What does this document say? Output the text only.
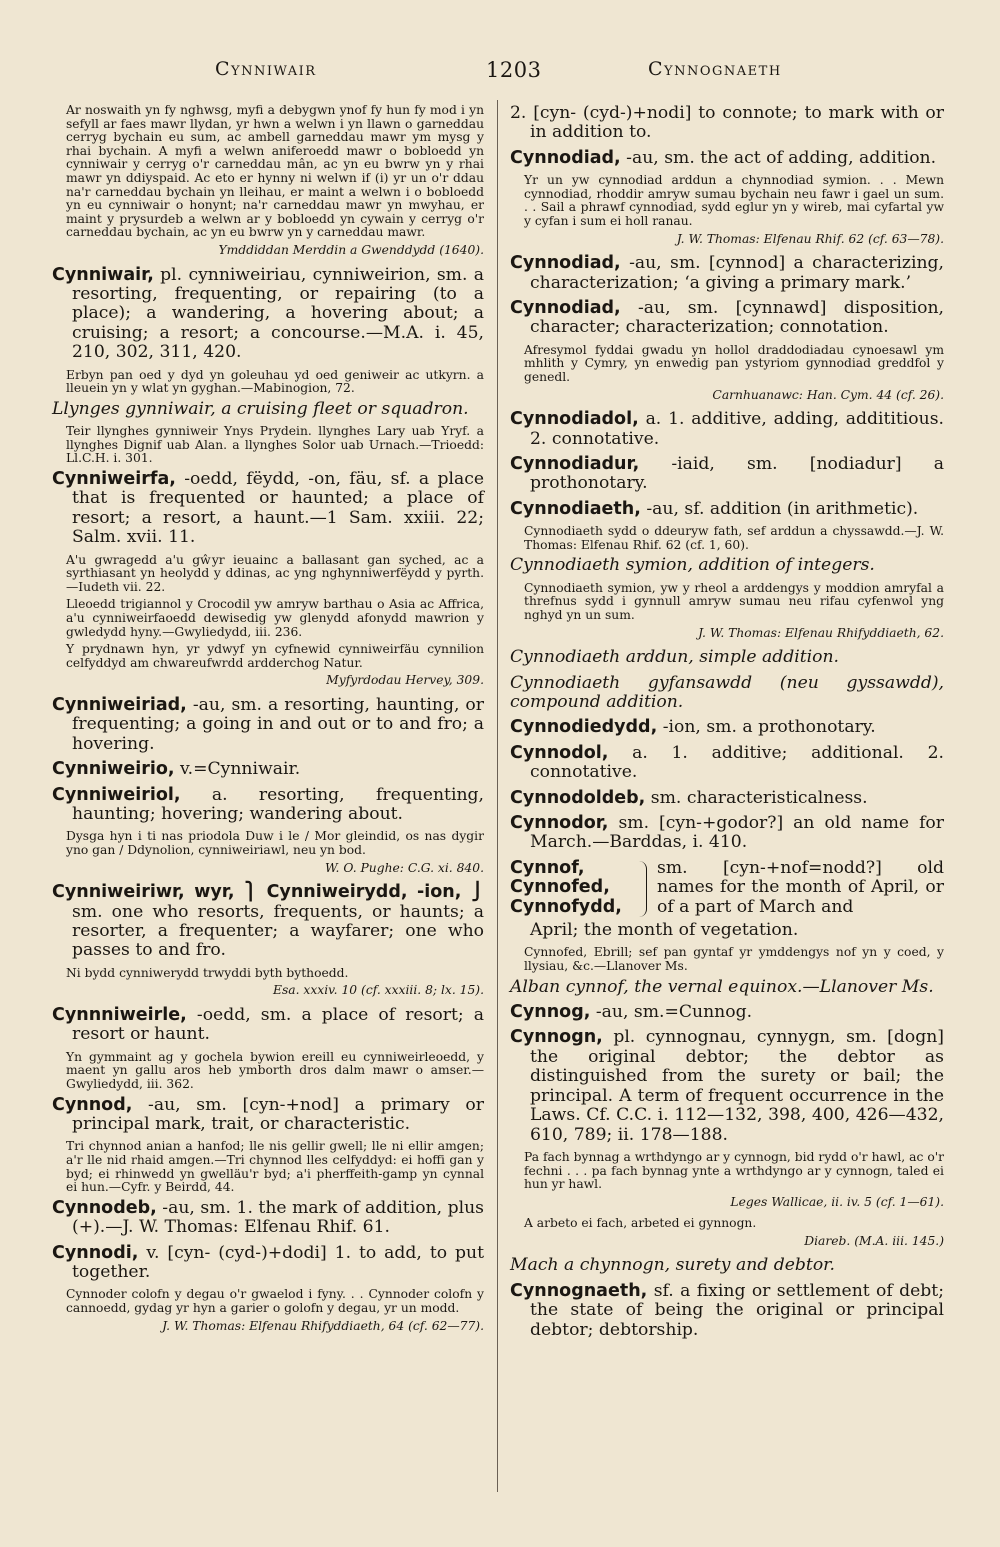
Cynniwair	1203	Cynnognaeth

Ar noswaith yn fy nghwsg, myfi a debygwn ynof fy hun fy mod i yn sefyll ar faes mawr llydan, yr hwn a welwn i yn llawn o garneddau cerryg bychain eu sum, ac ambell garneddau mawr ym mysg y rhai bychain. A myfi a welwn aniferoedd mawr o bobloedd yn cynniwair y cerryg o'r carneddau mân, ac yn eu bwrw yn y rhai mawr yn ddiyspaid. Ac eto er hynny ni welwn if (i) yr un o'r ddau na'r carneddau bychain yn lleihau, er maint a welwn i o bobloedd yn eu cynniwair o honynt; na'r carneddau mawr yn mwyhau, er maint y prysurdeb a welwn ar y bobloedd yn cywain y cerryg o'r carneddau bychain, ac yn eu bwrw yn y carneddau mawr.

Ymddiddan Merddin a Gwenddydd (1640).

Cynniwair, pl. cynniweiriau, cynniweirion, sm. a resorting, frequenting, or repairing (to a place); a wandering, a hovering about; a cruising; a resort; a concourse.—M.A. i. 45, 210, 302, 311, 420.

Erbyn pan oed y dyd yn goleuhau yd oed geniweir ac utkyrn. a lleuein yn y wlat yn gyghan.—Mabinogion, 72.

Llynges gynniwair, a cruising fleet or squadron.

Teir llynghes gynniweir Ynys Prydein. llynghes Lary uab Yryf. a llynghes Dignif uab Alan. a llynghes Solor uab Urnach.—Trioedd: Ll.C.H. i. 301.

Cynniweirfa, -oedd, fëydd, -on, fäu, sf. a place that is frequented or haunted; a place of resort; a resort, a haunt.—1 Sam. xxiii. 22; Salm. xvii. 11.

A'u gwragedd a'u gŵyr ieuainc a ballasant gan syched, ac a syrthiasant yn heolydd y ddinas, ac yng nghynniwerfëydd y pyrth.—Iudeth vii. 22.

Lleoedd trigiannol y Crocodil yw amryw barthau o Asia ac Affrica, a'u cynniweirfaoedd dewisedig yw glenydd afonydd mawrion y gwledydd hyny.—Gwyliedydd, iii. 236.

Y prydnawn hyn, yr ydwyf yn cyfnewid cynniweirfäu cynnilion celfyddyd am chwareufwrdd ardderchog Natur.

Myfyrdodau Hervey, 309.

Cynniweiriad, -au, sm. a resorting, haunting, or frequenting; a going in and out or to and fro; a hovering.

Cynniweirio, v.=Cynniwair.

Cynniweiriol, a. resorting, frequenting, haunting; hovering; wandering about.

Dysga hyn i ti nas priodola Duw i le / Mor gleindid, os nas dygir yno gan / Ddynolion, cynniweiriawl, neu yn bod.

W. O. Pughe: C.G. xi. 840.

Cynniweiriwr, wyr, ⎫ Cynniweirydd, -ion, ⎭ sm. one who resorts, frequents, or haunts; a resorter, a frequenter; a wayfarer; one who passes to and fro.

Ni bydd cynniwerydd trwyddi byth bythoedd.

Esa. xxxiv. 10 (cf. xxxiii. 8; lx. 15).

Cynnniweirle, -oedd, sm. a place of resort; a resort or haunt.

Yn gymmaint ag y gochela bywion ereill eu cynniweirleoedd, y maent yn gallu aros heb ymborth dros dalm mawr o amser.—Gwyliedydd, iii. 362.

Cynnod, -au, sm. [cyn-+nod] a primary or principal mark, trait, or characteristic.

Tri chynnod anian a hanfod; lle nis gellir gwell; lle ni ellir amgen; a'r lle nid rhaid amgen.—Tri chynnod lles celfyddyd: ei hoffi gan y byd; ei rhinwedd yn gwelläu'r byd; a'i pherffeith-gamp yn cynnal ei hun.—Cyfr. y Beirdd, 44.

Cynnodeb, -au, sm. 1. the mark of addition, plus (+).—J. W. Thomas: Elfenau Rhif. 61.

Cynnodi, v. [cyn- (cyd-)+dodi] 1. to add, to put together.

Cynnoder colofn y degau o'r gwaelod i fyny. . . Cynnoder colofn y cannoedd, gydag yr hyn a garier o golofn y degau, yr un modd.

J. W. Thomas: Elfenau Rhifyddiaeth, 64 (cf. 62—77).

2. [cyn- (cyd-)+nodi] to connote; to mark with or in addition to.

Cynnodiad, -au, sm. the act of adding, addition.

Yr un yw cynnodiad arddun a chynnodiad symion. . . Mewn cynnodiad, rhoddir amryw sumau bychain neu fawr i gael un sum. . . Sail a phrawf cynnodiad, sydd eglur yn y wireb, mai cyfartal yw y cyfan i sum ei holl ranau.

J. W. Thomas: Elfenau Rhif. 62 (cf. 63—78).

Cynnodiad, -au, sm. [cynnod] a characterizing, characterization; ‘a giving a primary mark.’

Cynnodiad, -au, sm. [cynnawd] disposition, character; characterization; connotation.

Afresymol fyddai gwadu yn hollol draddodiadau cynoesawl ym mhlith y Cymry, yn enwedig pan ystyriom gynnodiad greddfol y genedl.

Carnhuanawc: Han. Cym. 44 (cf. 26).

Cynnodiadol, a. 1. additive, adding, addititious. 2. connotative.

Cynnodiadur, -iaid, sm. [nodiadur] a prothonotary.

Cynnodiaeth, -au, sf. addition (in arithmetic).

Cynnodiaeth sydd o ddeuryw fath, sef arddun a chyssawdd.—J. W. Thomas: Elfenau Rhif. 62 (cf. 1, 60).

Cynnodiaeth symion, addition of integers.

Cynnodiaeth symion, yw y rheol a arddengys y moddion amryfal a threfnus sydd i gynnull amryw sumau neu rifau cyfenwol yng nghyd yn un sum.

J. W. Thomas: Elfenau Rhifyddiaeth, 62.

Cynnodiaeth arddun, simple addition.

Cynnodiaeth gyfansawdd (neu gyssawdd), compound addition.

Cynnodiedydd, -ion, sm. a prothonotary.

Cynnodol, a. 1. additive; additional. 2. connotative.

Cynnodoldeb, sm. characteristicalness.

Cynnodor, sm. [cyn-+godor?] an old name for March.—Barddas, i. 410.

Cynnof,
Cynnofed,
Cynnofydd,
sm. [cyn-+nof=nodd?] old names for the month of April, or of a part of March and

April; the month of vegetation.

Cynnofed, Ebrill; sef pan gyntaf yr ymddengys nof yn y coed, y llysiau, &c.—Llanover Ms.

Alban cynnof, the vernal equinox.—Llanover Ms.

Cynnog, -au, sm.=Cunnog.

Cynnogn, pl. cynnognau, cynnygn, sm. [dogn] the original debtor; the debtor as distinguished from the surety or bail; the principal. A term of frequent occurrence in the Laws. Cf. C.C. i. 112—132, 398, 400, 426—432, 610, 789; ii. 178—188.

Pa fach bynnag a wrthdyngo ar y cynnogn, bid rydd o'r hawl, ac o'r fechni . . . pa fach bynnag ynte a wrthdyngo ar y cynnogn, taled ei hun yr hawl.

Leges Wallicae, ii. iv. 5 (cf. 1—61).

A arbeto ei fach, arbeted ei gynnogn.

Diareb. (M.A. iii. 145.)

Mach a chynnogn, surety and debtor.

Cynnognaeth, sf. a fixing or settlement of debt; the state of being the original or principal debtor; debtorship.
